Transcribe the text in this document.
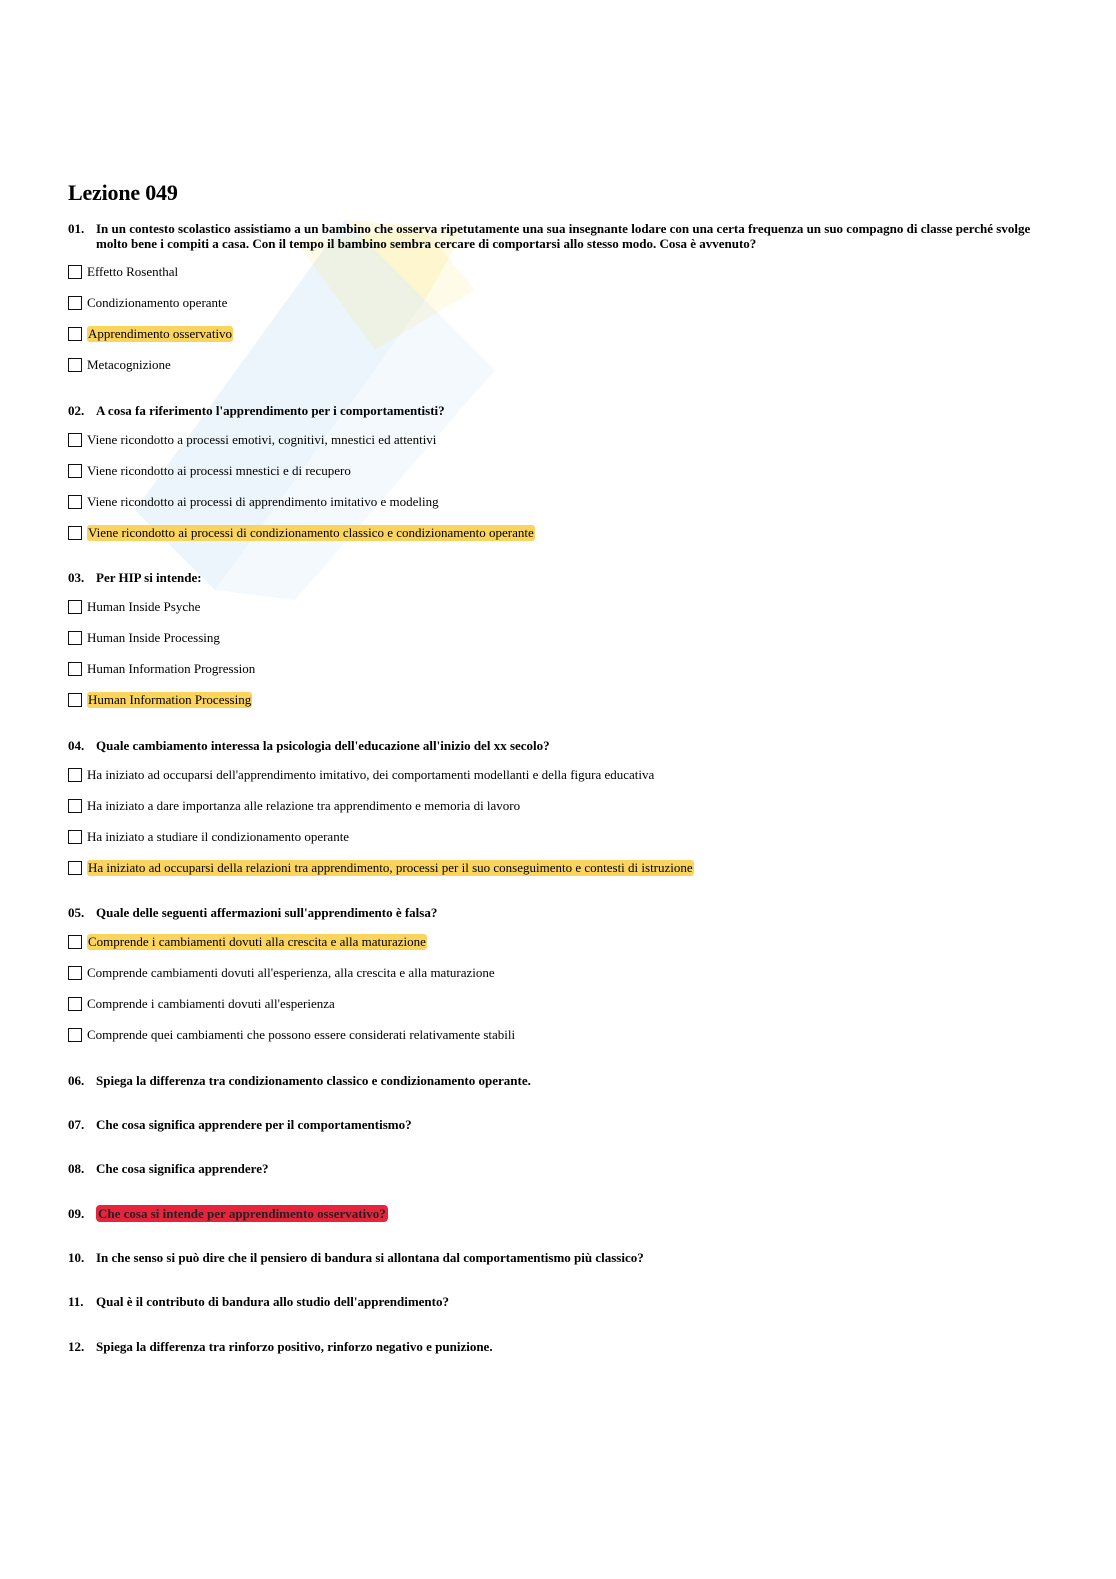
Lezione 049
01. In un contesto scolastico assistiamo a un bambino che osserva ripetutamente una sua insegnante lodare con una certa frequenza un suo compagno di classe perché svolge molto bene i compiti a casa. Con il tempo il bambino sembra cercare di comportarsi allo stesso modo. Cosa è avvenuto?
Effetto Rosenthal
Condizionamento operante
Apprendimento osservativo
Metacognizione
02. A cosa fa riferimento l'apprendimento per i comportamentisti?
Viene ricondotto a processi emotivi, cognitivi, mnestici ed attentivi
Viene ricondotto ai processi mnestici e di recupero
Viene ricondotto ai processi di apprendimento imitativo e modeling
Viene ricondotto ai processi di condizionamento classico e condizionamento operante
03. Per HIP si intende:
Human Inside Psyche
Human Inside Processing
Human Information Progression
Human Information Processing
04. Quale cambiamento interessa la psicologia dell'educazione all'inizio del xx secolo?
Ha iniziato ad occuparsi dell'apprendimento imitativo, dei comportamenti modellanti e della figura educativa
Ha iniziato a dare importanza alle relazione tra apprendimento e memoria di lavoro
Ha iniziato a studiare il condizionamento operante
Ha iniziato ad occuparsi della relazioni tra apprendimento, processi per il suo conseguimento e contesti di istruzione
05. Quale delle seguenti affermazioni sull'apprendimento è falsa?
Comprende i cambiamenti dovuti alla crescita e alla maturazione
Comprende cambiamenti dovuti all'esperienza, alla crescita e alla maturazione
Comprende i cambiamenti dovuti all'esperienza
Comprende quei cambiamenti che possono essere considerati relativamente stabili
06. Spiega la differenza tra condizionamento classico e condizionamento operante.
07. Che cosa significa apprendere per il comportamentismo?
08. Che cosa significa apprendere?
09.	Che cosa si intende per apprendimento osservativo?
10. In che senso si può dire che il pensiero di bandura si allontana dal comportamentismo più classico?
11. Qual è il contributo di bandura allo studio dell'apprendimento?
12. Spiega la differenza tra rinforzo positivo, rinforzo negativo e punizione.
